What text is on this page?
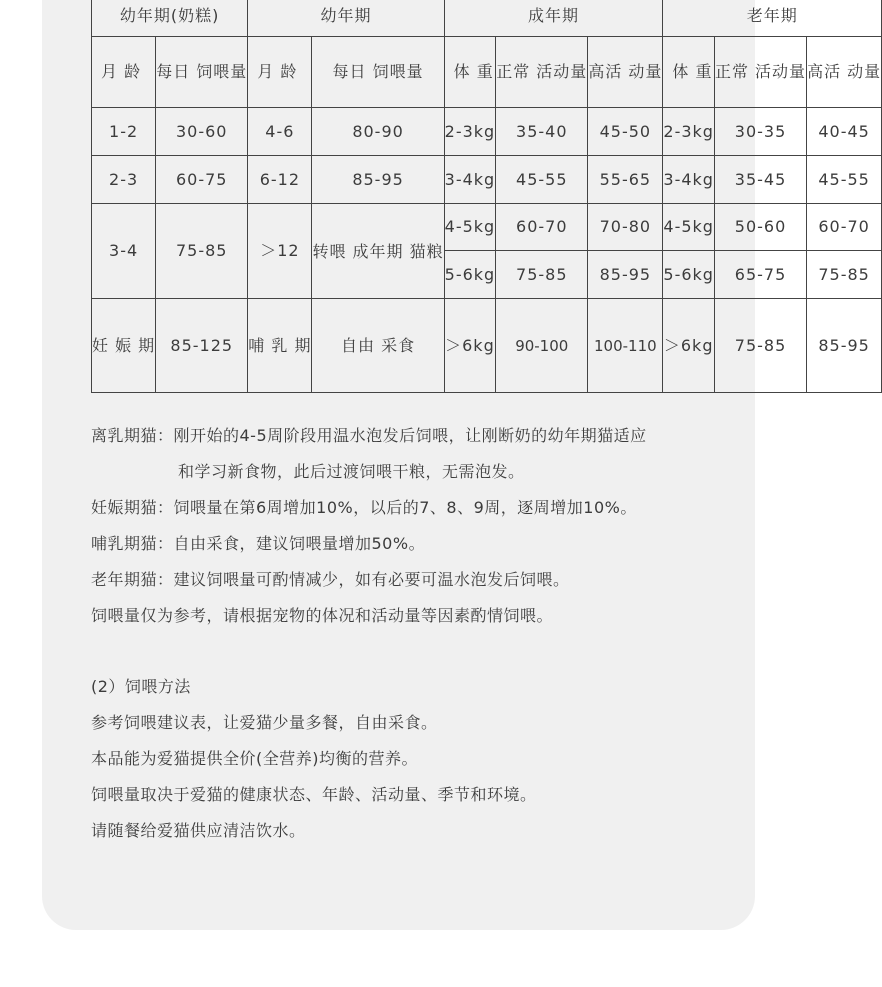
幼年期(奶糕)		幼年期		成年期			老年期		
月 龄	每日 饲喂量	月 龄	每日 饲喂量	体 重	正常 活动量	高活 动量	体 重	正常 活动量	高活 动量
1-2	30-60	4-6	80-90	2-3kg	35-40	45-50	2-3kg	30-35	40-45
2-3	60-75	6-12	85-95	3-4kg	45-55	55-65	3-4kg	35-45	45-55
3-4	75-85	＞12	转喂 成年期 猫粮	4-5kg	60-70	70-80	4-5kg	50-60	60-70
				5-6kg	75-85	85-95	5-6kg	65-75	75-85
妊 娠 期	85-125	哺 乳 期	自由 采食	＞6kg	90-100	100-110	＞6kg	75-85	85-95
离乳期猫：刚开始的4-5周阶段用温水泡发后饲喂，让刚断奶的幼年期猫适应
和学习新食物，此后过渡饲喂干粮，无需泡发。
妊娠期猫：饲喂量在第6周增加10%，以后的7、8、9周，逐周增加10%。
哺乳期猫：自由采食，建议饲喂量增加50%。
老年期猫：建议饲喂量可酌情减少，如有必要可温水泡发后饲喂。
饲喂量仅为参考，请根据宠物的体况和活动量等因素酌情饲喂。
(2）饲喂方法
参考饲喂建议表，让爱猫少量多餐，自由采食。
本品能为爱猫提供全价(全营养)均衡的营养。
饲喂量取决于爱猫的健康状态、年龄、活动量、季节和环境。
请随餐给爱猫供应清洁饮水。
